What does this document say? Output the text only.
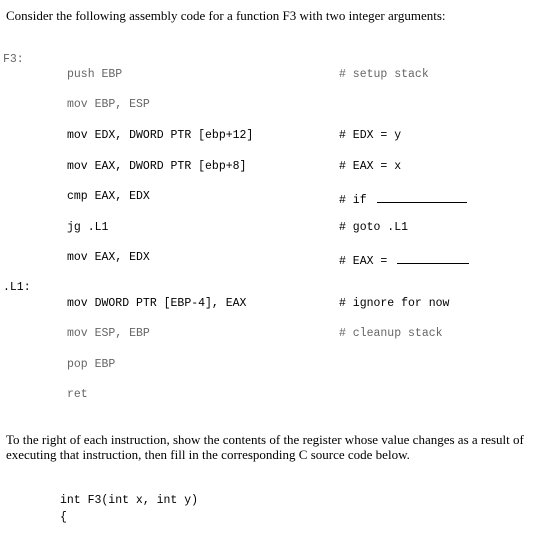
Consider the following assembly code for a function F3 with two integer arguments:
F3:
push EBP	# setup stack
mov EBP, ESP
mov EDX, DWORD PTR [ebp+12]	# EDX = y
mov EAX, DWORD PTR [ebp+8]	# EAX = x
cmp EAX, EDX	# if
jg .L1	# goto .L1
mov EAX, EDX	# EAX =
.L1:
mov DWORD PTR [EBP-4], EAX	# ignore for now
mov ESP, EBP	# cleanup stack
pop EBP
ret
To the right of each instruction, show the contents of the register whose value changes as a result of executing that instruction, then fill in the corresponding C source code below.
int F3(int x, int y)
{
